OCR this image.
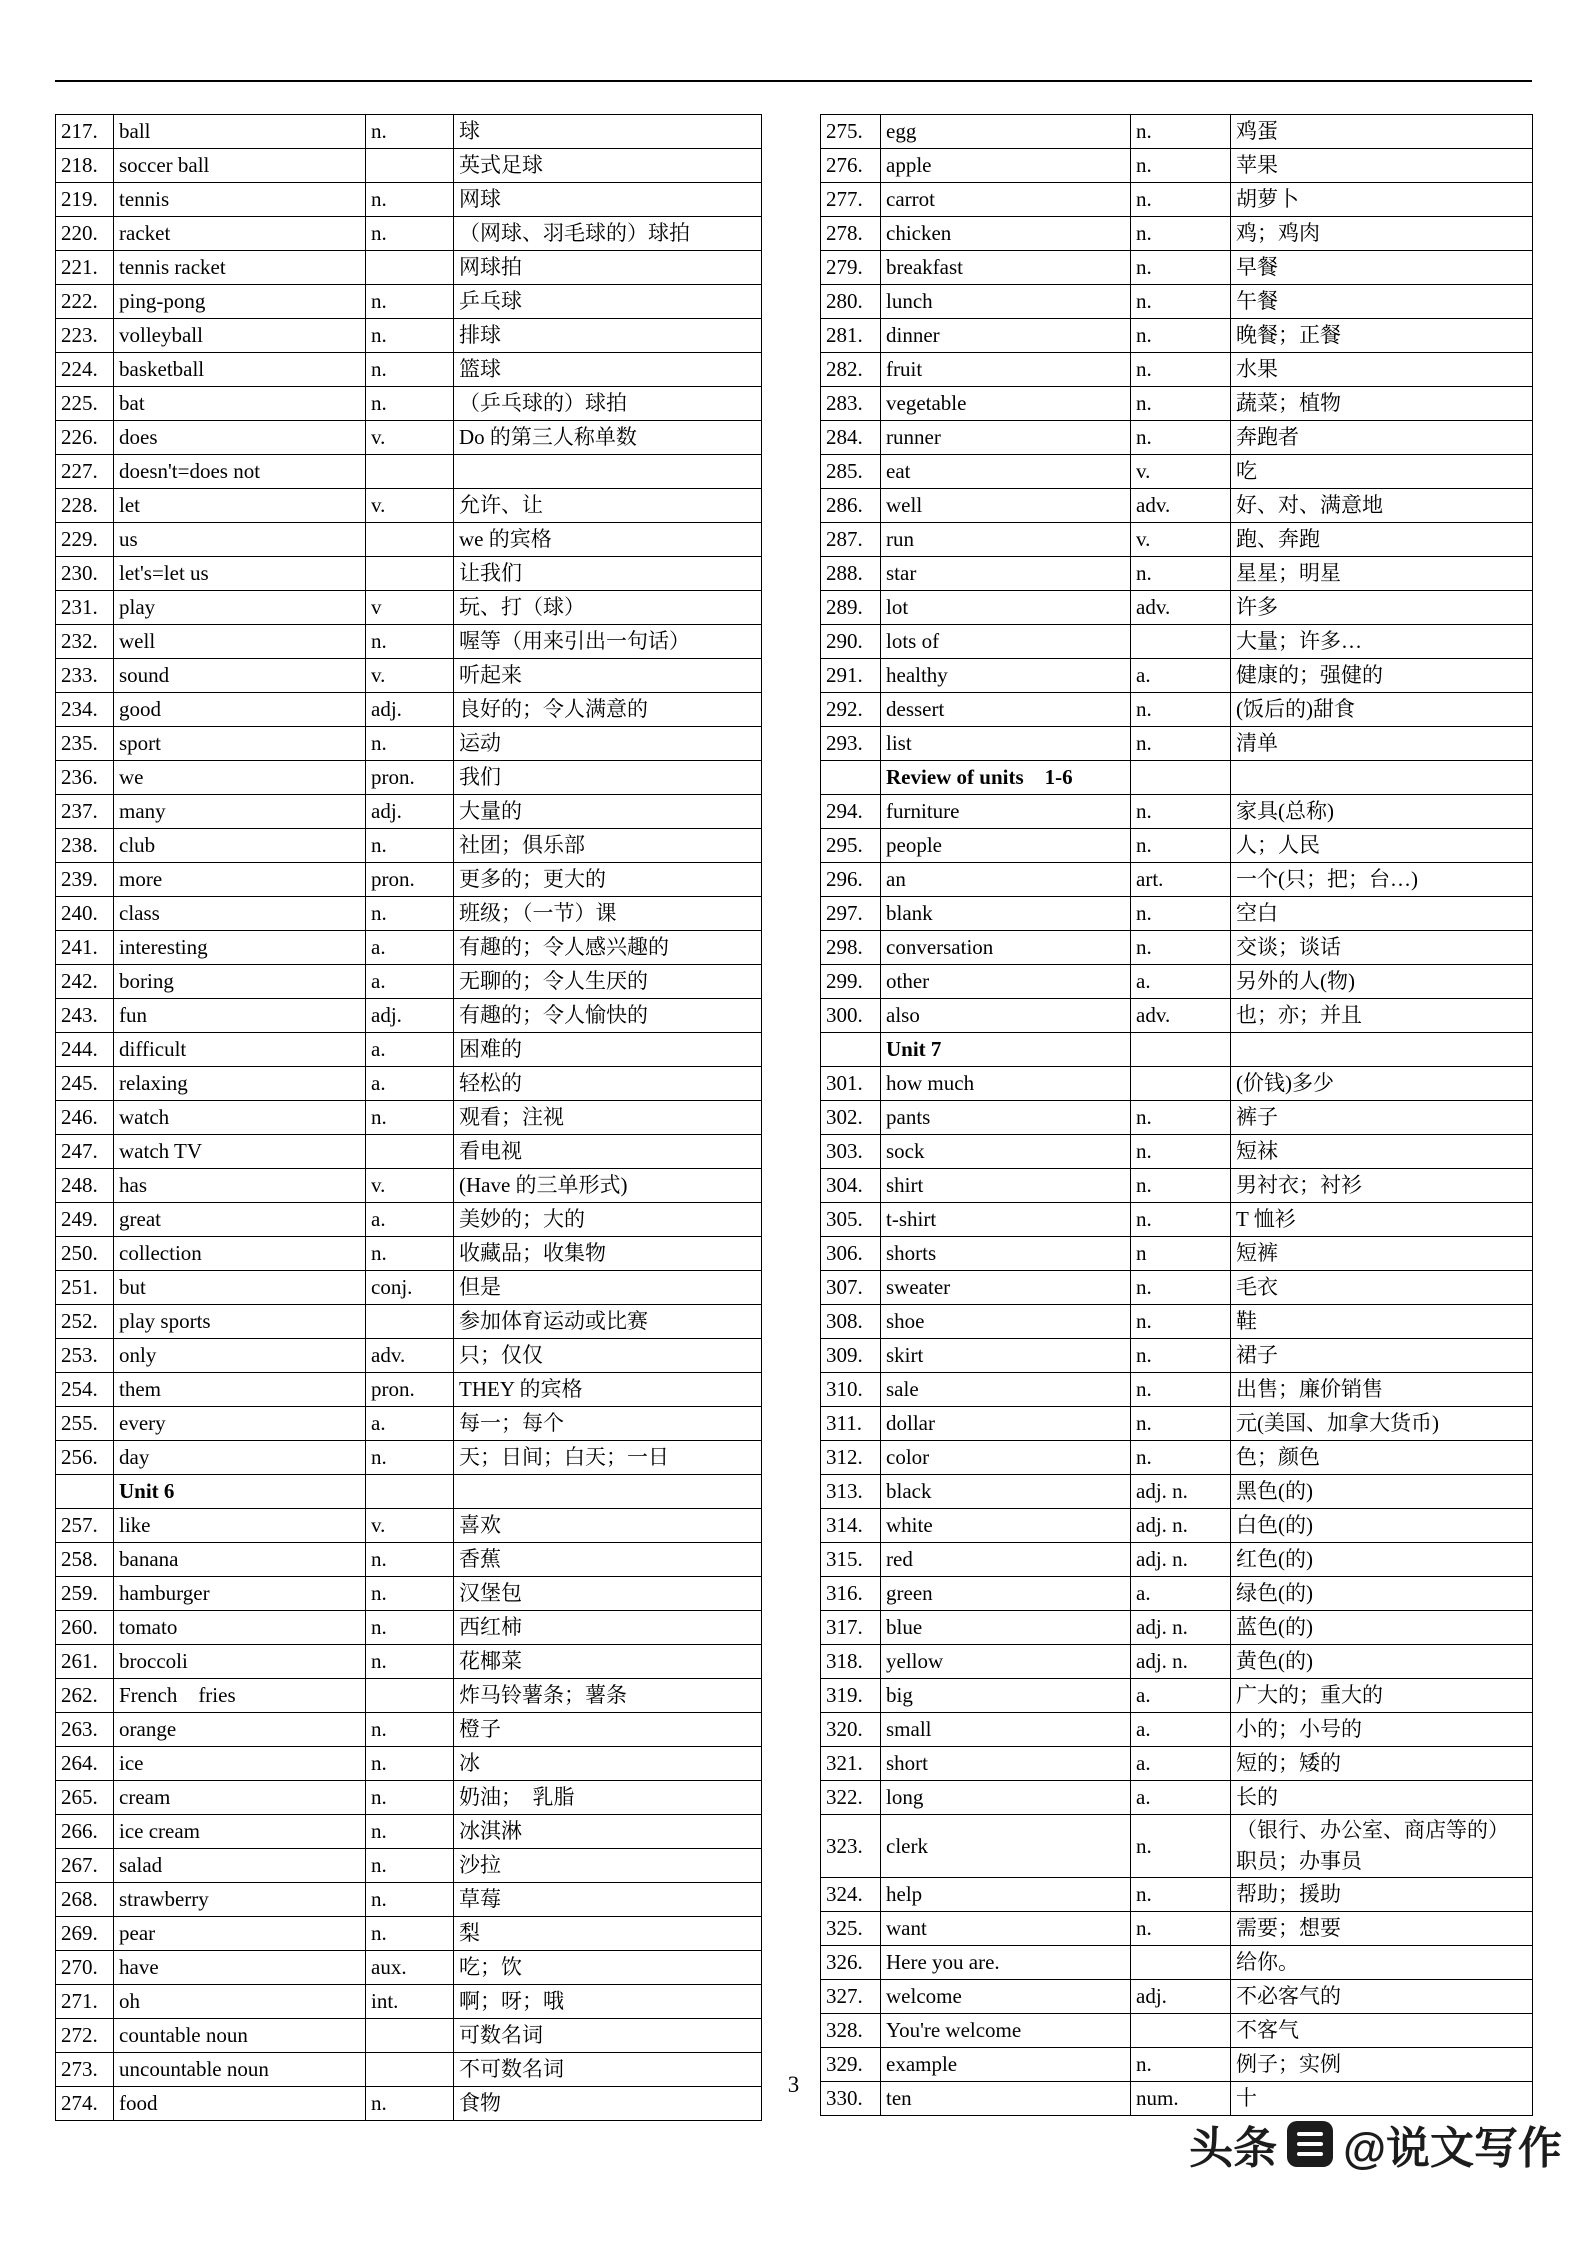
217.	ball	n.	球
218.	soccer ball		英式足球
219.	tennis	n.	网球
220.	racket	n.	（网球、羽毛球的）球拍
221.	tennis racket		网球拍
222.	ping-pong	n.	乒乓球
223.	volleyball	n.	排球
224.	basketball	n.	篮球
225.	bat	n.	（乒乓球的）球拍
226.	does	v.	Do 的第三人称单数
227.	doesn't=does not		
228.	let	v.	允许、让
229.	us		we 的宾格
230.	let's=let us		让我们
231.	play	v	玩、打（球）
232.	well	n.	喔等（用来引出一句话）
233.	sound	v.	听起来
234.	good	adj.	良好的；令人满意的
235.	sport	n.	运动
236.	we	pron.	我们
237.	many	adj.	大量的
238.	club	n.	社团；俱乐部
239.	more	pron.	更多的；更大的
240.	class	n.	班级；（一节）课
241.	interesting	a.	有趣的；令人感兴趣的
242.	boring	a.	无聊的；令人生厌的
243.	fun	adj.	有趣的；令人愉快的
244.	difficult	a.	困难的
245.	relaxing	a.	轻松的
246.	watch	n.	观看；注视
247.	watch TV		看电视
248.	has	v.	(Have 的三单形式)
249.	great	a.	美妙的；大的
250.	collection	n.	收藏品；收集物
251.	but	conj.	但是
252.	play sports		参加体育运动或比赛
253.	only	adv.	只；仅仅
254.	them	pron.	THEY 的宾格
255.	every	a.	每一；每个
256.	day	n.	天；日间；白天；一日
	Unit 6		
257.	like	v.	喜欢
258.	banana	n.	香蕉
259.	hamburger	n.	汉堡包
260.	tomato	n.	西红柿
261.	broccoli	n.	花椰菜
262.	French    fries		炸马铃薯条；薯条
263.	orange	n.	橙子
264.	ice	n.	冰
265.	cream	n.	奶油；  乳脂
266.	ice cream	n.	冰淇淋
267.	salad	n.	沙拉
268.	strawberry	n.	草莓
269.	pear	n.	梨
270.	have	aux.	吃；饮
271.	oh	int.	啊；呀；哦
272.	countable noun		可数名词
273.	uncountable noun		不可数名词
274.	food	n.	食物
275.	egg	n.	鸡蛋
276.	apple	n.	苹果
277.	carrot	n.	胡萝卜
278.	chicken	n.	鸡；鸡肉
279.	breakfast	n.	早餐
280.	lunch	n.	午餐
281.	dinner	n.	晚餐；正餐
282.	fruit	n.	水果
283.	vegetable	n.	蔬菜；植物
284.	runner	n.	奔跑者
285.	eat	v.	吃
286.	well	adv.	好、对、满意地
287.	run	v.	跑、奔跑
288.	star	n.	星星；明星
289.	lot	adv.	许多
290.	lots of		大量；许多…
291.	healthy	a.	健康的；强健的
292.	dessert	n.	(饭后的)甜食
293.	list	n.	清单
	Review of units    1-6		
294.	furniture	n.	家具(总称)
295.	people	n.	人；人民
296.	an	art.	一个(只；把；台…)
297.	blank	n.	空白
298.	conversation	n.	交谈；谈话
299.	other	a.	另外的人(物)
300.	also	adv.	也；亦；并且
	Unit 7		
301.	how much		(价钱)多少
302.	pants	n.	裤子
303.	sock	n.	短袜
304.	shirt	n.	男衬衣；衬衫
305.	t-shirt	n.	T 恤衫
306.	shorts	n	短裤
307.	sweater	n.	毛衣
308.	shoe	n.	鞋
309.	skirt	n.	裙子
310.	sale	n.	出售；廉价销售
311.	dollar	n.	元(美国、加拿大货币)
312.	color	n.	色；颜色
313.	black	adj. n.	黑色(的)
314.	white	adj. n.	白色(的)
315.	red	adj. n.	红色(的)
316.	green	a.	绿色(的)
317.	blue	adj. n.	蓝色(的)
318.	yellow	adj. n.	黄色(的)
319.	big	a.	广大的；重大的
320.	small	a.	小的；小号的
321.	short	a.	短的；矮的
322.	long	a.	长的
323.	clerk	n.	（银行、办公室、商店等的）职员；办事员
324.	help	n.	帮助；援助
325.	want	n.	需要；想要
326.	Here you are.		给你。
327.	welcome	adj.	不必客气的
328.	You're welcome		不客气
329.	example	n.	例子；实例
330.	ten	num.	十
3
头条 @说文写作
